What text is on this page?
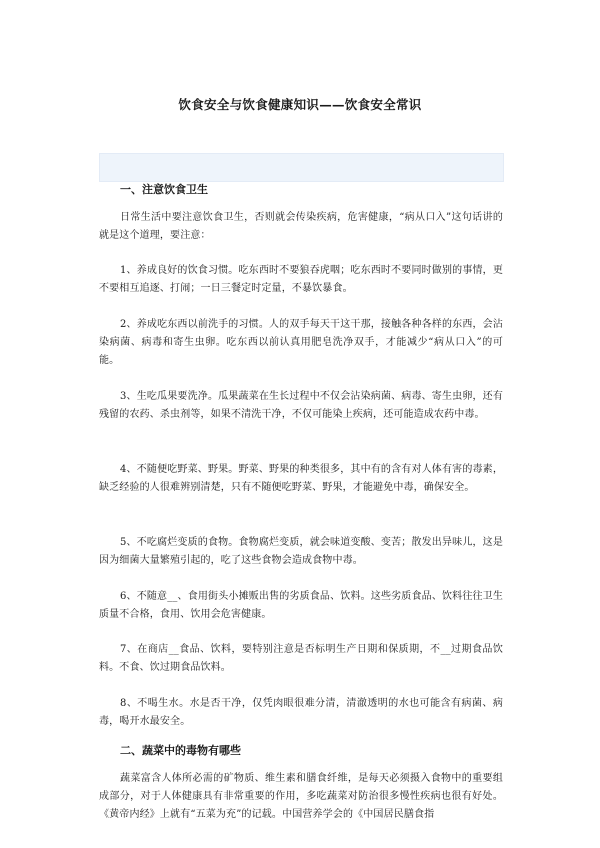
饮食安全与饮食健康知识——饮食安全常识
一、注意饮食卫生
日常生活中要注意饮食卫生，否则就会传染疾病，危害健康，“病从口入”这句话讲的就是这个道理，要注意：
1、养成良好的饮食习惯。吃东西时不要狼吞虎咽；吃东西时不要同时做别的事情，更不要相互追逐、打闹；一日三餐定时定量，不暴饮暴食。
2、养成吃东西以前洗手的习惯。人的双手每天干这干那，接触各种各样的东西，会沾染病菌、病毒和寄生虫卵。吃东西以前认真用肥皂洗净双手，才能减少“病从口入”的可能。
3、生吃瓜果要洗净。瓜果蔬菜在生长过程中不仅会沾染病菌、病毒、寄生虫卵，还有残留的农药、杀虫剂等，如果不清洗干净，不仅可能染上疾病，还可能造成农药中毒。
4、不随便吃野菜、野果。野菜、野果的种类很多，其中有的含有对人体有害的毒素，缺乏经验的人很难辨别清楚，只有不随便吃野菜、野果，才能避免中毒，确保安全。
5、不吃腐烂变质的食物。食物腐烂变质，就会味道变酸、变苦；散发出异味儿，这是因为细菌大量繁殖引起的，吃了这些食物会造成食物中毒。
6、不随意__、食用街头小摊贩出售的劣质食品、饮料。这些劣质食品、饮料往往卫生质量不合格，食用、饮用会危害健康。
7、在商店__食品、饮料，要特别注意是否标明生产日期和保质期，不__过期食品饮料。不食、饮过期食品饮料。
8、不喝生水。水是否干净，仅凭肉眼很难分清，清澈透明的水也可能含有病菌、病毒，喝开水最安全。
二、蔬菜中的毒物有哪些
蔬菜富含人体所必需的矿物质、维生素和膳食纤维，是每天必须摄入食物中的重要组成部分，对于人体健康具有非常重要的作用，多吃蔬菜对防治很多慢性疾病也很有好处。《黄帝内经》上就有“五菜为充”的记载。中国营养学会的《中国居民膳食指
